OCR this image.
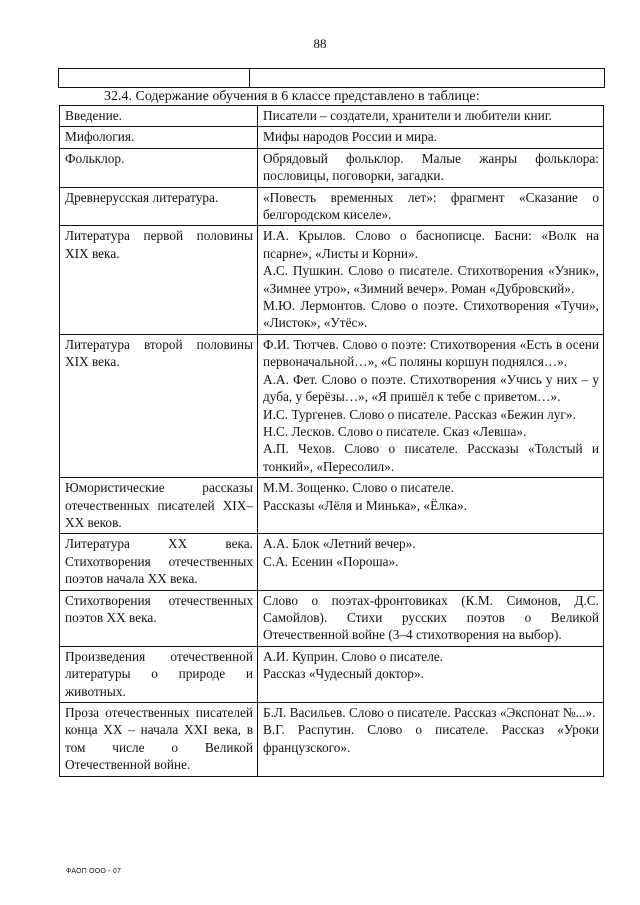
88

32.4. Содержание обучения в 6 классе представлено в таблице:
Введение.	Писатели – создатели, хранители и любители книг.

Мифология.	Мифы народов России и мира.

Фольклор.	Обрядовый фольклор. Малые жанры фольклора: пословицы, поговорки, загадки.

Древнерусская литература.	«Повесть временных лет»: фрагмент «Сказание о белгородском киселе».

Литература первой половины XIX века.	И.А. Крылов. Слово о баснописце. Басни: «Волк на псарне», «Листы и Корни».
А.С. Пушкин. Слово о писателе. Стихотворения «Узник», «Зимнее утро», «Зимний вечер». Роман «Дубровский».
М.Ю. Лермонтов. Слово о поэте. Стихотворения «Тучи», «Листок», «Утёс».

Литература второй половины XIX века.	Ф.И. Тютчев. Слово о поэте: Стихотворения «Есть в осени первоначальной…», «С поляны коршун поднялся…».
А.А. Фет. Слово о поэте. Стихотворения «Учись у них – у дуба, у берёзы…», «Я пришёл к тебе с приветом…».
И.С. Тургенев. Слово о писателе. Рассказ «Бежин луг».
Н.С. Лесков. Слово о писателе. Сказ «Левша».
А.П. Чехов. Слово о писателе. Рассказы «Толстый и тонкий», «Пересолил».

Юмористические рассказы отечественных писателей XIX–XX веков.	М.М. Зощенко. Слово о писателе.
Рассказы «Лёля и Минька», «Ёлка».

Литература XX века. Стихотворения отечественных поэтов начала XX века.	А.А. Блок «Летний вечер».
С.А. Есенин «Пороша».

Стихотворения отечественных поэтов XX века.	Слово о поэтах-фронтовиках (К.М. Симонов, Д.С. Самойлов). Стихи русских поэтов о Великой Отечественной войне (3–4 стихотворения на выбор).

Произведения отечественной литературы о природе и животных.	А.И. Куприн. Слово о писателе.
Рассказ «Чудесный доктор».

Проза отечественных писателей конца XX – начала XXI века, в том числе о Великой Отечественной войне.	Б.Л. Васильев. Слово о писателе. Рассказ «Экспонат №...».
В.Г. Распутин. Слово о писателе. Рассказ «Уроки французского».
ФАОП ООО - 07
